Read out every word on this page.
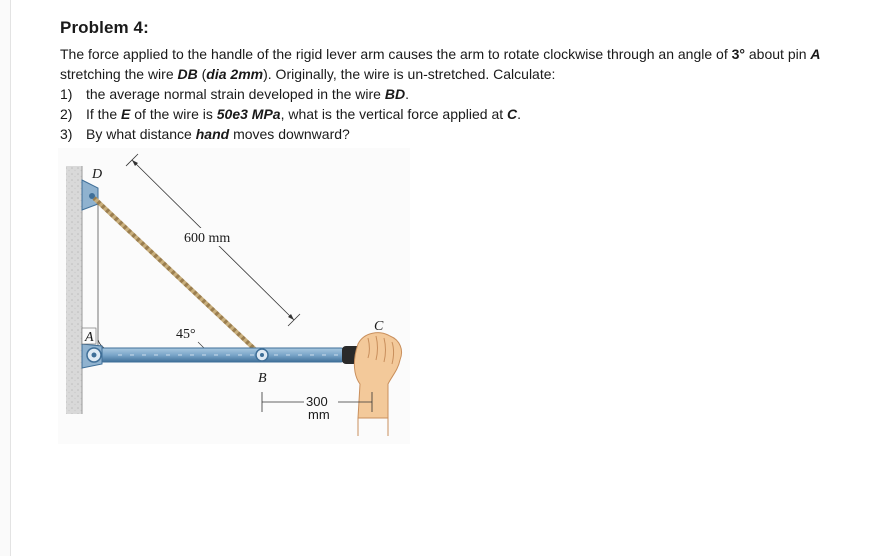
Problem 4:

The force applied to the handle of the rigid lever arm causes the arm to rotate clockwise through an angle of 3° about pin A stretching the wire DB (dia 2mm). Originally, the wire is un-stretched. Calculate:

1) the average normal strain developed in the wire BD.
2) If the E of the wire is 50e3 MPa, what is the vertical force applied at C.
3) By what distance hand moves downward?
600 mm
45°
300
mm
D
A
B
C
